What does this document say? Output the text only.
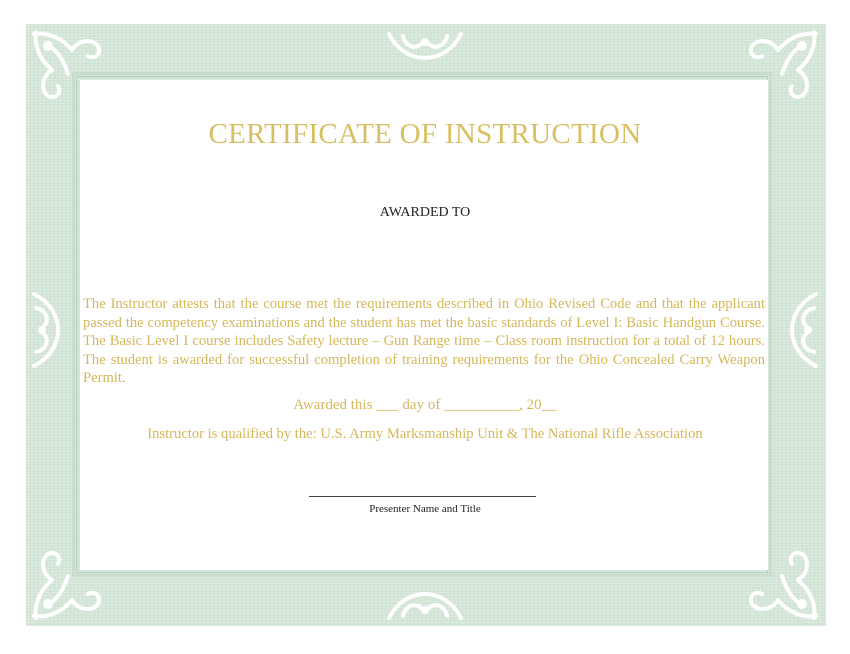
CERTIFICATE OF INSTRUCTION
AWARDED TO
The Instructor attests that the course met the requirements described in Ohio Revised Code and that the applicant passed the competency examinations and the student has met the basic standards of Level I: Basic Handgun Course. The Basic Level I course includes Safety lecture – Gun Range time – Class room instruction for a total of 12 hours. The student is awarded for successful completion of training requirements for the Ohio Concealed Carry Weapon Permit.
Awarded this ___ day of __________, 20__
Instructor is qualified by the: U.S. Army Marksmanship Unit & The National Rifle Association
Presenter Name and Title
